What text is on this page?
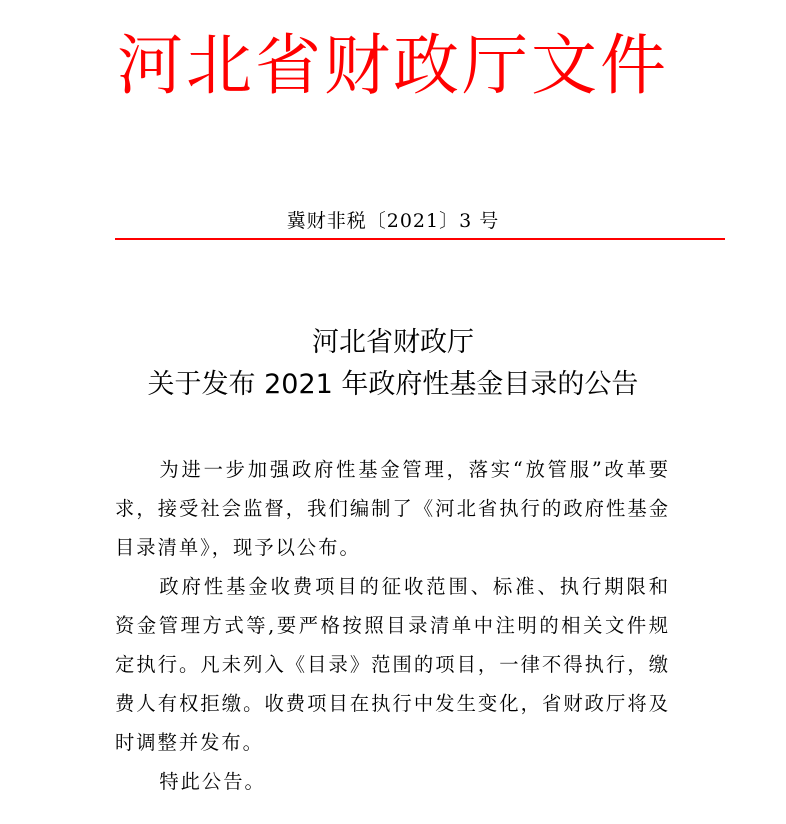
河北省财政厅文件
冀财非税〔2021〕3 号
河北省财政厅
关于发布 2021 年政府性基金目录的公告

为进一步加强政府性基金管理，落实“放管服”改革要求，接受社会监督，我们编制了《河北省执行的政府性基金目录清单》，现予以公布。

政府性基金收费项目的征收范围、标准、执行期限和资金管理方式等,要严格按照目录清单中注明的相关文件规定执行。凡未列入《目录》范围的项目，一律不得执行，缴费人有权拒缴。收费项目在执行中发生变化，省财政厅将及时调整并发布。

特此公告。
